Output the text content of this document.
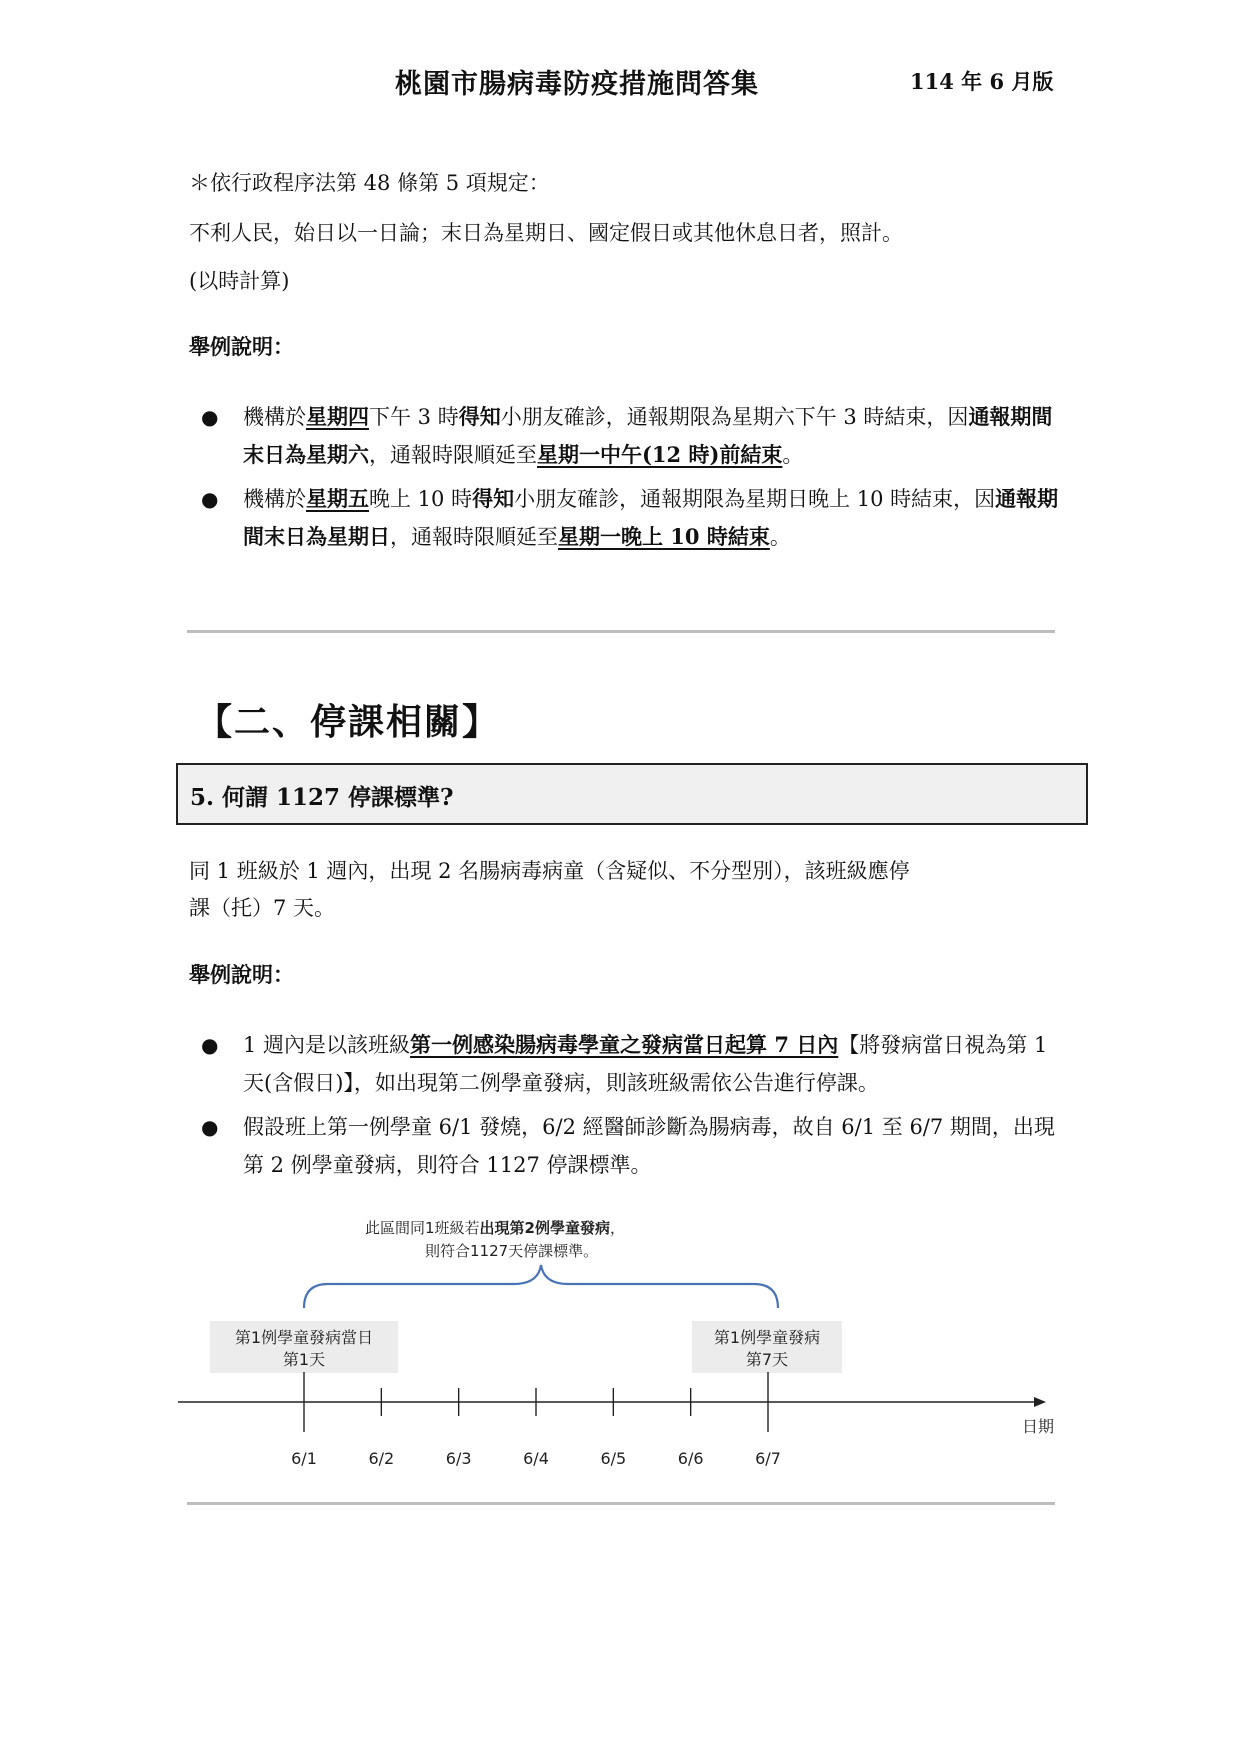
桃園市腸病毒防疫措施問答集	114 年 6 月版
＊依行政程序法第 48 條第 5 項規定：
不利人民，始日以一日論；末日為星期日、國定假日或其他休息日者，照計。
(以時計算)
舉例說明：
● 機構於星期四下午 3 時得知小朋友確診，通報期限為星期六下午 3 時結束，因通報期間末日為星期六，通報時限順延至星期一中午(12 時)前結束。
● 機構於星期五晚上 10 時得知小朋友確診，通報期限為星期日晚上 10 時結束，因通報期間末日為星期日，通報時限順延至星期一晚上 10 時結束。
【二、停課相關】
5. 何謂 1127 停課標準?
同 1 班級於 1 週內，出現 2 名腸病毒病童（含疑似、不分型別），該班級應停
課（托）7 天。
舉例說明：
● 1 週內是以該班級第一例感染腸病毒學童之發病當日起算 7 日內【將發病當日視為第 1 天(含假日)】，如出現第二例學童發病，則該班級需依公告進行停課。
● 假設班上第一例學童 6/1 發燒，6/2 經醫師診斷為腸病毒，故自 6/1 至 6/7 期間，出現第 2 例學童發病，則符合 1127 停課標準。
此區間同1班級若出現第2例學童發病，
則符合1127天停課標準。
第1例學童發病當日
第1天
第1例學童發病
第7天
日期
6/1	6/2	6/3	6/4	6/5	6/6	6/7
